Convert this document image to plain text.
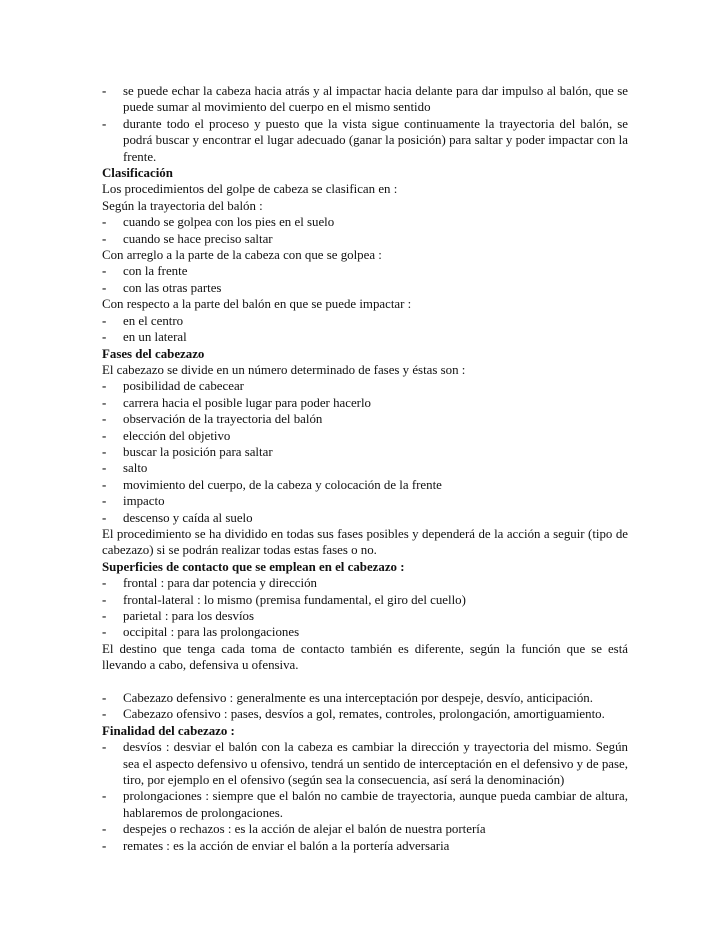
- se puede echar la cabeza hacia atrás y al impactar hacia delante para dar impulso al balón, que se puede sumar al movimiento del cuerpo en el mismo sentido
- durante todo el proceso y puesto que la vista sigue continuamente la trayectoria del balón, se podrá buscar y encontrar el lugar adecuado (ganar la posición) para saltar y poder impactar con la frente.
Clasificación
Los procedimientos del golpe de cabeza se clasifican en :
Según la trayectoria del balón :
- cuando se golpea con los pies en el suelo
- cuando se hace preciso saltar
Con arreglo a la parte de la cabeza con que se golpea :
- con la frente
- con las otras partes
Con respecto a la parte del balón en que se puede impactar :
- en el centro
- en un lateral
Fases del cabezazo
El cabezazo se divide en un número determinado de fases y éstas son :
- posibilidad de cabecear
- carrera hacia el posible lugar para poder hacerlo
- observación de la trayectoria del balón
- elección del objetivo
- buscar la posición para saltar
- salto
- movimiento del cuerpo, de la cabeza y colocación de la frente
- impacto
- descenso y caída al suelo
El procedimiento se ha dividido en todas sus fases posibles y dependerá de la acción a seguir (tipo de cabezazo) si se podrán realizar todas estas fases o no.
Superficies de contacto que se emplean en el cabezazo :
- frontal : para dar potencia y dirección
- frontal-lateral : lo mismo (premisa fundamental, el giro del cuello)
- parietal : para los desvíos
- occipital : para las prolongaciones
El destino que tenga cada toma de contacto también es diferente, según la función que se está llevando a cabo, defensiva u ofensiva.
- Cabezazo defensivo : generalmente es una interceptación por despeje, desvío, anticipación.
- Cabezazo ofensivo : pases, desvíos a gol, remates, controles, prolongación, amortiguamiento.
Finalidad del cabezazo :
- desvíos : desviar el balón con la cabeza es cambiar la dirección y trayectoria del mismo. Según sea el aspecto defensivo u ofensivo, tendrá un sentido de interceptación en el defensivo y de pase, tiro, por ejemplo en el ofensivo (según sea la consecuencia, así será la denominación)
- prolongaciones : siempre que el balón no cambie de trayectoria, aunque pueda cambiar de altura, hablaremos de prolongaciones.
- despejes o rechazos : es la acción de alejar el balón de nuestra portería
- remates : es la acción de enviar el balón a la portería adversaria
